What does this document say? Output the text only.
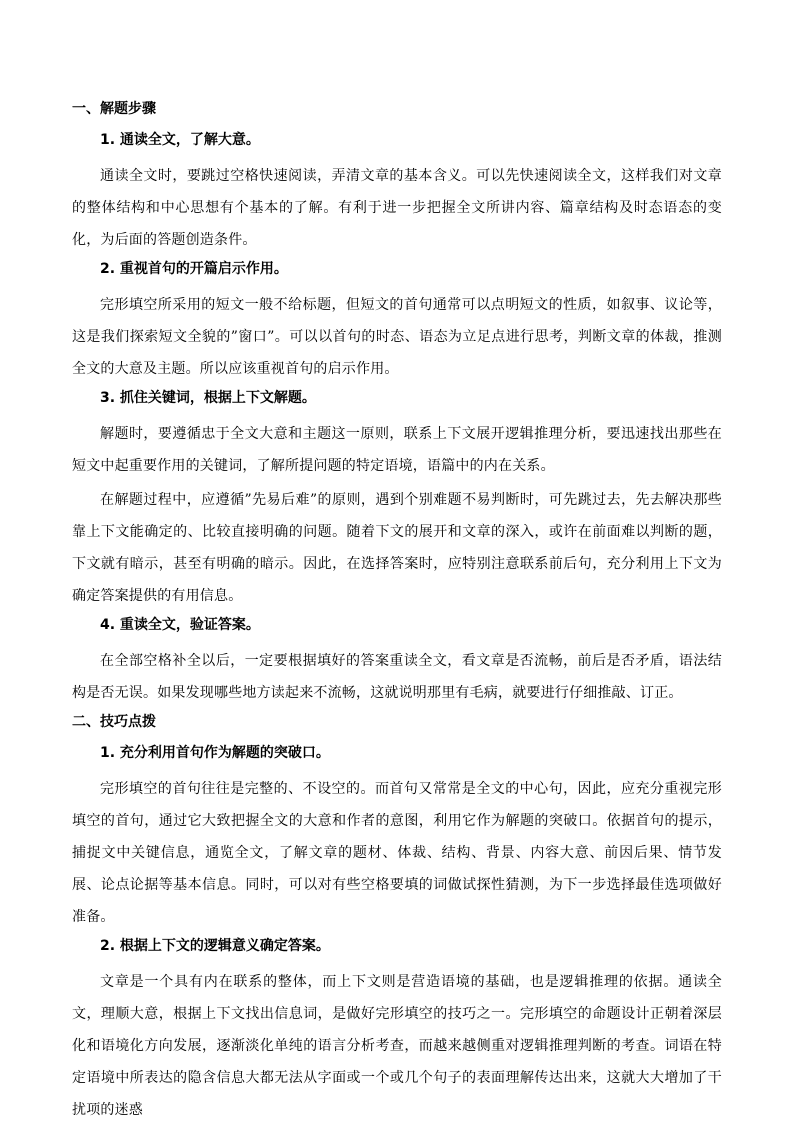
一、解题步骤
1. 通读全文，了解大意。

通读全文时，要跳过空格快速阅读，弄清文章的基本含义。可以先快速阅读全文，这样我们对文章的整体结构和中心思想有个基本的了解。有利于进一步把握全文所讲内容、篇章结构及时态语态的变化，为后面的答题创造条件。

2. 重视首句的开篇启示作用。

完形填空所采用的短文一般不给标题，但短文的首句通常可以点明短文的性质，如叙事、议论等，这是我们探索短文全貌的”窗口”。可以以首句的时态、语态为立足点进行思考，判断文章的体裁，推测全文的大意及主题。所以应该重视首句的启示作用。

3. 抓住关键词，根据上下文解题。

解题时，要遵循忠于全文大意和主题这一原则，联系上下文展开逻辑推理分析，要迅速找出那些在短文中起重要作用的关键词，了解所提问题的特定语境，语篇中的内在关系。

在解题过程中，应遵循”先易后难”的原则，遇到个别难题不易判断时，可先跳过去，先去解决那些靠上下文能确定的、比较直接明确的问题。随着下文的展开和文章的深入，或许在前面难以判断的题，下文就有暗示，甚至有明确的暗示。因此，在选择答案时，应特别注意联系前后句，充分利用上下文为确定答案提供的有用信息。

4. 重读全文，验证答案。

在全部空格补全以后，一定要根据填好的答案重读全文，看文章是否流畅，前后是否矛盾，语法结构是否无误。如果发现哪些地方读起来不流畅，这就说明那里有毛病，就要进行仔细推敲、订正。

二、技巧点拨
1. 充分利用首句作为解题的突破口。

完形填空的首句往往是完整的、不设空的。而首句又常常是全文的中心句，因此，应充分重视完形填空的首句，通过它大致把握全文的大意和作者的意图，利用它作为解题的突破口。依据首句的提示，捕捉文中关键信息，通览全文，了解文章的题材、体裁、结构、背景、内容大意、前因后果、情节发展、论点论据等基本信息。同时，可以对有些空格要填的词做试探性猜测，为下一步选择最佳选项做好准备。

2. 根据上下文的逻辑意义确定答案。

文章是一个具有内在联系的整体，而上下文则是营造语境的基础，也是逻辑推理的依据。通读全文，理顺大意，根据上下文找出信息词，是做好完形填空的技巧之一。完形填空的命题设计正朝着深层化和语境化方向发展，逐渐淡化单纯的语言分析考查，而越来越侧重对逻辑推理判断的考查。词语在特定语境中所表达的隐含信息大都无法从字面或一个或几个句子的表面理解传达出来，这就大大增加了干扰项的迷惑
